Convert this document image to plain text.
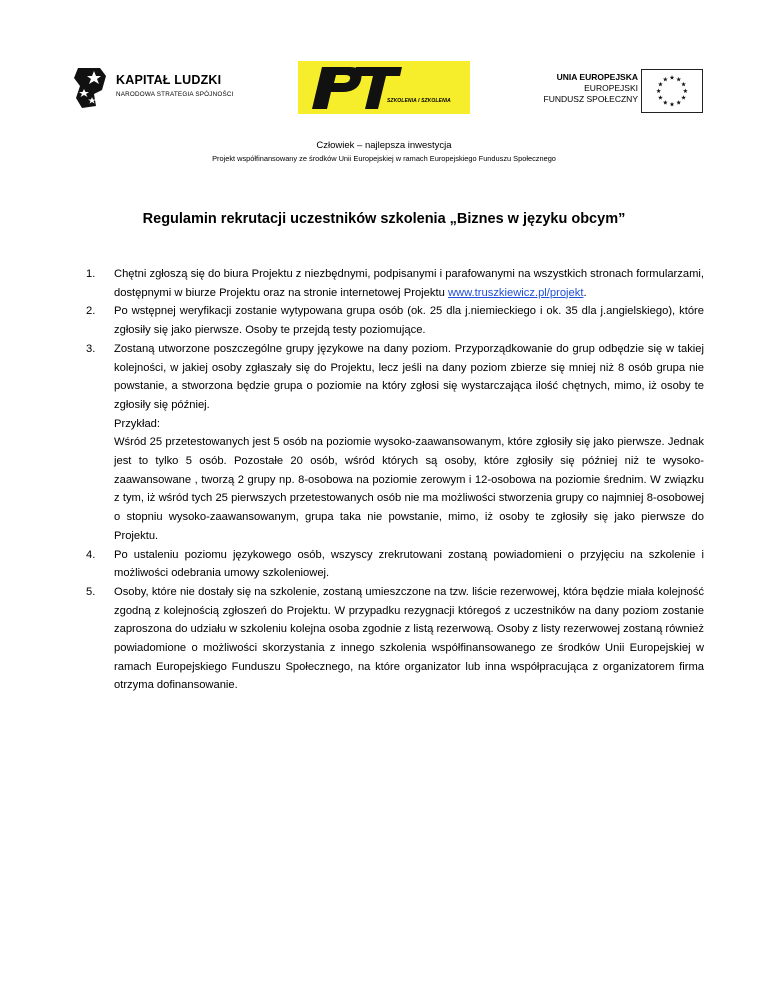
KAPITAŁ LUDZKI
NARODOWA STRATEGIA SPÓJNOŚCI
SZKOLENIA I SZKOLENIA
UNIA EUROPEJSKA
EUROPEJSKI
FUNDUSZ SPOŁECZNY
Człowiek – najlepsza inwestycja
Projekt współfinansowany ze środków Unii Europejskiej w ramach Europejskiego Funduszu Społecznego
Regulamin rekrutacji uczestników szkolenia „Biznes w języku obcym”
1. Chętni zgłoszą się do biura Projektu z niezbędnymi, podpisanymi i parafowanymi na wszystkich stronach formularzami, dostępnymi w biurze Projektu oraz na stronie internetowej Projektu www.truszkiewicz.pl/projekt.

2. Po wstępnej weryfikacji zostanie wytypowana grupa osób (ok. 25 dla j.niemieckiego i ok. 35 dla j.angielskiego), które zgłosiły się jako pierwsze. Osoby te przejdą testy poziomujące.

3. Zostaną utworzone poszczególne grupy językowe na dany poziom. Przyporządkowanie do grup odbędzie się w takiej kolejności, w jakiej osoby zgłaszały się do Projektu, lecz jeśli na dany poziom zbierze się mniej niż 8 osób grupa nie powstanie, a stworzona będzie grupa o poziomie na który zgłosi się wystarczająca ilość chętnych, mimo, iż osoby te zgłosiły się później.

Przykład:

Wśród 25 przetestowanych jest 5 osób na poziomie wysoko-zaawansowanym, które zgłosiły się jako pierwsze. Jednak jest to tylko 5 osób. Pozostałe 20 osób, wśród których są osoby, które zgłosiły się później niż te wysoko-zaawansowane , tworzą 2 grupy np. 8-osobowa na poziomie zerowym i 12-osobowa na poziomie średnim. W związku z tym, iż wśród tych 25 pierwszych przetestowanych osób nie ma możliwości stworzenia grupy co najmniej 8-osobowej o stopniu wysoko-zaawansowanym, grupa taka nie powstanie, mimo, iż osoby te zgłosiły się jako pierwsze do Projektu.

4. Po ustaleniu poziomu językowego osób, wszyscy zrekrutowani zostaną powiadomieni o przyjęciu na szkolenie i możliwości odebrania umowy szkoleniowej.

5. Osoby, które nie dostały się na szkolenie, zostaną umieszczone na tzw. liście rezerwowej, która będzie miała kolejność zgodną z kolejnością zgłoszeń do Projektu. W przypadku rezygnacji któregoś z uczestników na dany poziom zostanie zaproszona do udziału w szkoleniu kolejna osoba zgodnie z listą rezerwową. Osoby z listy rezerwowej zostaną również powiadomione o możliwości skorzystania z innego szkolenia współfinansowanego ze środków Unii Europejskiej w ramach Europejskiego Funduszu Społecznego, na które organizator lub inna współpracująca z organizatorem firma otrzyma dofinansowanie.
